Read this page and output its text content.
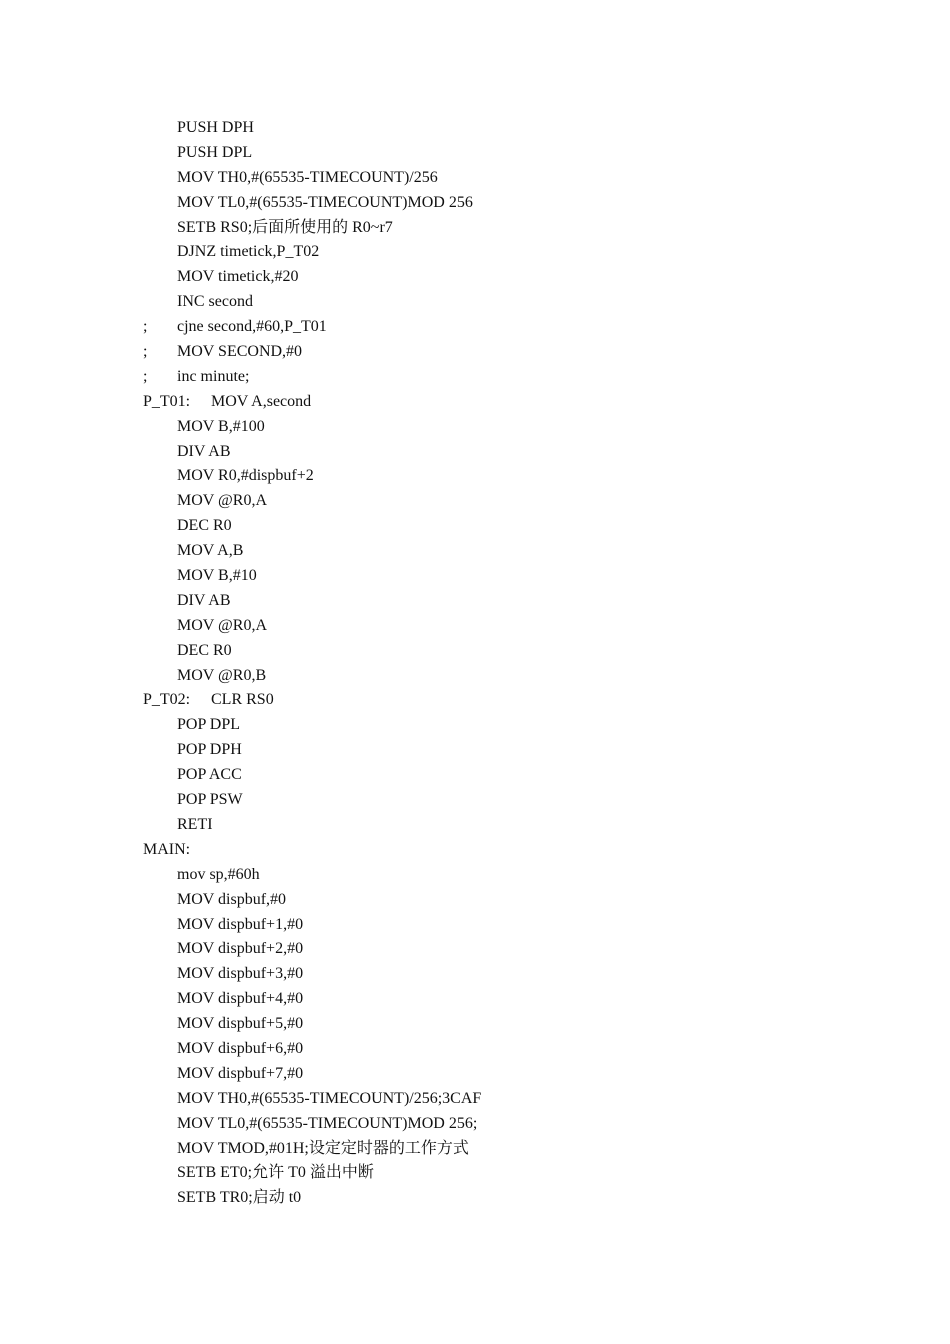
PUSH DPH
PUSH DPL
MOV TH0,#(65535-TIMECOUNT)/256
MOV TL0,#(65535-TIMECOUNT)MOD 256
SETB RS0;后面所使用的 R0~r7
DJNZ timetick,P_T02
MOV timetick,#20
INC second
; cjne second,#60,P_T01
; MOV SECOND,#0
; inc minute;
P_T01: MOV A,second
MOV B,#100
DIV AB
MOV R0,#dispbuf+2
MOV @R0,A
DEC R0
MOV A,B
MOV B,#10
DIV AB
MOV @R0,A
DEC R0
MOV @R0,B
P_T02: CLR RS0
POP DPL
POP DPH
POP ACC
POP PSW
RETI
MAIN:
mov sp,#60h
MOV dispbuf,#0
MOV dispbuf+1,#0
MOV dispbuf+2,#0
MOV dispbuf+3,#0
MOV dispbuf+4,#0
MOV dispbuf+5,#0
MOV dispbuf+6,#0
MOV dispbuf+7,#0
MOV TH0,#(65535-TIMECOUNT)/256;3CAF
MOV TL0,#(65535-TIMECOUNT)MOD 256;
MOV TMOD,#01H;设定定时器的工作方式
SETB ET0;允许 T0 溢出中断
SETB TR0;启动 t0
